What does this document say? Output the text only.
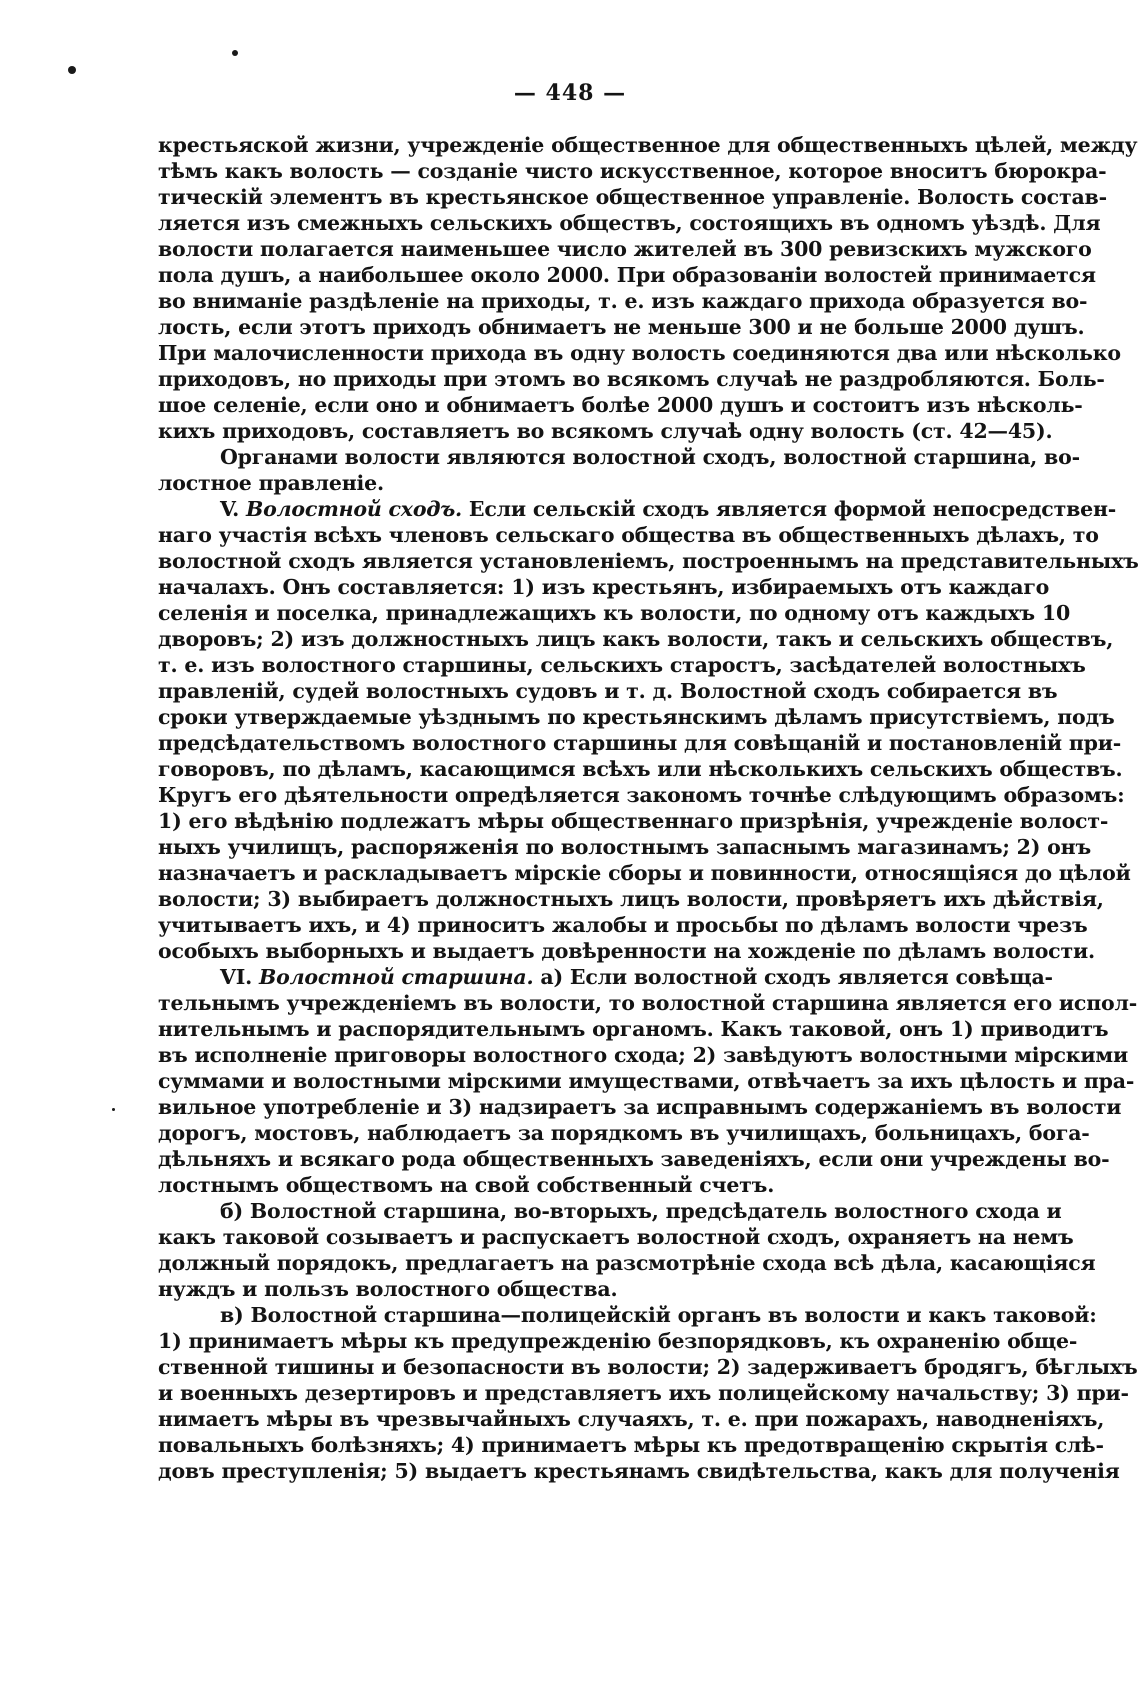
— 448 —
крестьяской жизни, учрежденіе общественное для общественныхъ цѣлей, между
тѣмъ какъ волость — созданіе чисто искусственное, которое вноситъ бюрокра-
тическій элементъ въ крестьянское общественное управленіе. Волость состав-
ляется изъ смежныхъ сельскихъ обществъ, состоящихъ въ одномъ уѣздѣ. Для
волости полагается наименьшее число жителей въ 300 ревизскихъ мужского
пола душъ, а наибольшее около 2000. При образованіи волостей принимается
во вниманіе раздѣленіе на приходы, т. е. изъ каждаго прихода образуется во-
лость, если этотъ приходъ обнимаетъ не меньше 300 и не больше 2000 душъ.
При малочисленности прихода въ одну волость соединяются два или нѣсколько
приходовъ, но приходы при этомъ во всякомъ случаѣ не раздробляются. Боль-
шое селеніе, если оно и обнимаетъ болѣе 2000 душъ и состоитъ изъ нѣсколь-
кихъ приходовъ, составляетъ во всякомъ случаѣ одну волость (ст. 42—45).
Органами волости являются волостной сходъ, волостной старшина, во-
лостное правленіе.
V. Волостной сходъ. Если сельскій сходъ является формой непосредствен-
наго участія всѣхъ членовъ сельскаго общества въ общественныхъ дѣлахъ, то
волостной сходъ является установленіемъ, построеннымъ на представительныхъ
началахъ. Онъ составляется: 1) изъ крестьянъ, избираемыхъ отъ каждаго
селенія и поселка, принадлежащихъ къ волости, по одному отъ каждыхъ 10
дворовъ; 2) изъ должностныхъ лицъ какъ волости, такъ и сельскихъ обществъ,
т. е. изъ волостного старшины, сельскихъ старостъ, засѣдателей волостныхъ
правленій, судей волостныхъ судовъ и т. д. Волостной сходъ собирается въ
сроки утверждаемые уѣзднымъ по крестьянскимъ дѣламъ присутствіемъ, подъ
предсѣдательствомъ волостного старшины для совѣщаній и постановленій при-
говоровъ, по дѣламъ, касающимся всѣхъ или нѣсколькихъ сельскихъ обществъ.
Кругъ его дѣятельности опредѣляется закономъ точнѣе слѣдующимъ образомъ:
1) его вѣдѣнію подлежатъ мѣры общественнаго призрѣнія, учрежденіе волост-
ныхъ училищъ, распоряженія по волостнымъ запаснымъ магазинамъ; 2) онъ
назначаетъ и раскладываетъ мірскіе сборы и повинности, относящіяся до цѣлой
волости; 3) выбираетъ должностныхъ лицъ волости, провѣряетъ ихъ дѣйствія,
учитываетъ ихъ, и 4) приноситъ жалобы и просьбы по дѣламъ волости чрезъ
особыхъ выборныхъ и выдаетъ довѣренности на хожденіе по дѣламъ волости.
VI. Волостной старшина. а) Если волостной сходъ является совѣща-
тельнымъ учрежденіемъ въ волости, то волостной старшина является его испол-
нительнымъ и распорядительнымъ органомъ. Какъ таковой, онъ 1) приводитъ
въ исполненіе приговоры волостного схода; 2) завѣдуютъ волостными мірскими
суммами и волостными мірскими имуществами, отвѣчаетъ за ихъ цѣлость и пра-
вильное употребленіе и 3) надзираетъ за исправнымъ содержаніемъ въ волости
дорогъ, мостовъ, наблюдаетъ за порядкомъ въ училищахъ, больницахъ, бога-
дѣльняхъ и всякаго рода общественныхъ заведеніяхъ, если они учреждены во-
лостнымъ обществомъ на свой собственный счетъ.
б) Волостной старшина, во-вторыхъ, предсѣдатель волостного схода и
какъ таковой созываетъ и распускаетъ волостной сходъ, охраняетъ на немъ
должный порядокъ, предлагаетъ на разсмотрѣніе схода всѣ дѣла, касающіяся
нуждъ и пользъ волостного общества.
в) Волостной старшина—полицейскій органъ въ волости и какъ таковой:
1) принимаетъ мѣры къ предупрежденію безпорядковъ, къ охраненію обще-
ственной тишины и безопасности въ волости; 2) задерживаетъ бродягъ, бѣглыхъ
и военныхъ дезертировъ и представляетъ ихъ полицейскому начальству; 3) при-
нимаетъ мѣры въ чрезвычайныхъ случаяхъ, т. е. при пожарахъ, наводненіяхъ,
повальныхъ болѣзняхъ; 4) принимаетъ мѣры къ предотвращенію скрытія слѣ-
довъ преступленія; 5) выдаетъ крестьянамъ свидѣтельства, какъ для полученія
